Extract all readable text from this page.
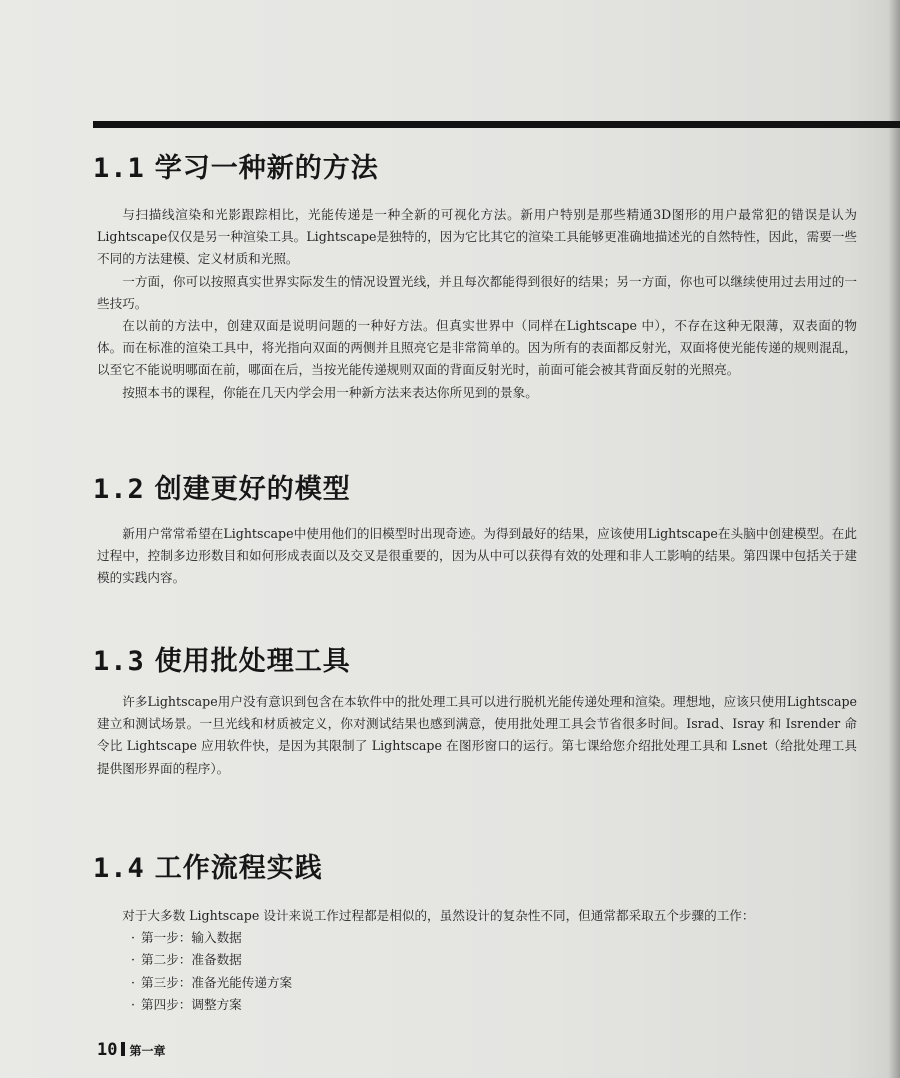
1.1 学习一种新的方法

与扫描线渲染和光影跟踪相比，光能传递是一种全新的可视化方法。新用户特别是那些精通3D图形的用户最常犯的错误是认为Lightscape仅仅是另一种渲染工具。Lightscape是独特的，因为它比其它的渲染工具能够更准确地描述光的自然特性，因此，需要一些不同的方法建模、定义材质和光照。

一方面，你可以按照真实世界实际发生的情况设置光线，并且每次都能得到很好的结果；另一方面，你也可以继续使用过去用过的一些技巧。

在以前的方法中，创建双面是说明问题的一种好方法。但真实世界中（同样在Lightscape 中），不存在这种无限薄，双表面的物体。而在标准的渲染工具中，将光指向双面的两侧并且照亮它是非常简单的。因为所有的表面都反射光，双面将使光能传递的规则混乱，以至它不能说明哪面在前，哪面在后，当按光能传递规则双面的背面反射光时，前面可能会被其背面反射的光照亮。

按照本书的课程，你能在几天内学会用一种新方法来表达你所见到的景象。

1.2 创建更好的模型

新用户常常希望在Lightscape中使用他们的旧模型时出现奇迹。为得到最好的结果，应该使用Lightscape在头脑中创建模型。在此过程中，控制多边形数目和如何形成表面以及交叉是很重要的，因为从中可以获得有效的处理和非人工影响的结果。第四课中包括关于建模的实践内容。

1.3 使用批处理工具

许多Lightscape用户没有意识到包含在本软件中的批处理工具可以进行脱机光能传递处理和渲染。理想地，应该只使用Lightscape建立和测试场景。一旦光线和材质被定义，你对测试结果也感到满意，使用批处理工具会节省很多时间。Israd、Isray 和 Isrender 命令比 Lightscape 应用软件快，是因为其限制了 Lightscape 在图形窗口的运行。第七课给您介绍批处理工具和 Lsnet（给批处理工具提供图形界面的程序）。

1.4 工作流程实践

对于大多数 Lightscape 设计来说工作过程都是相似的，虽然设计的复杂性不同，但通常都采取五个步骤的工作：

· 第一步：输入数据
· 第二步：准备数据
· 第三步：准备光能传递方案
· 第四步：调整方案
10 第一章
